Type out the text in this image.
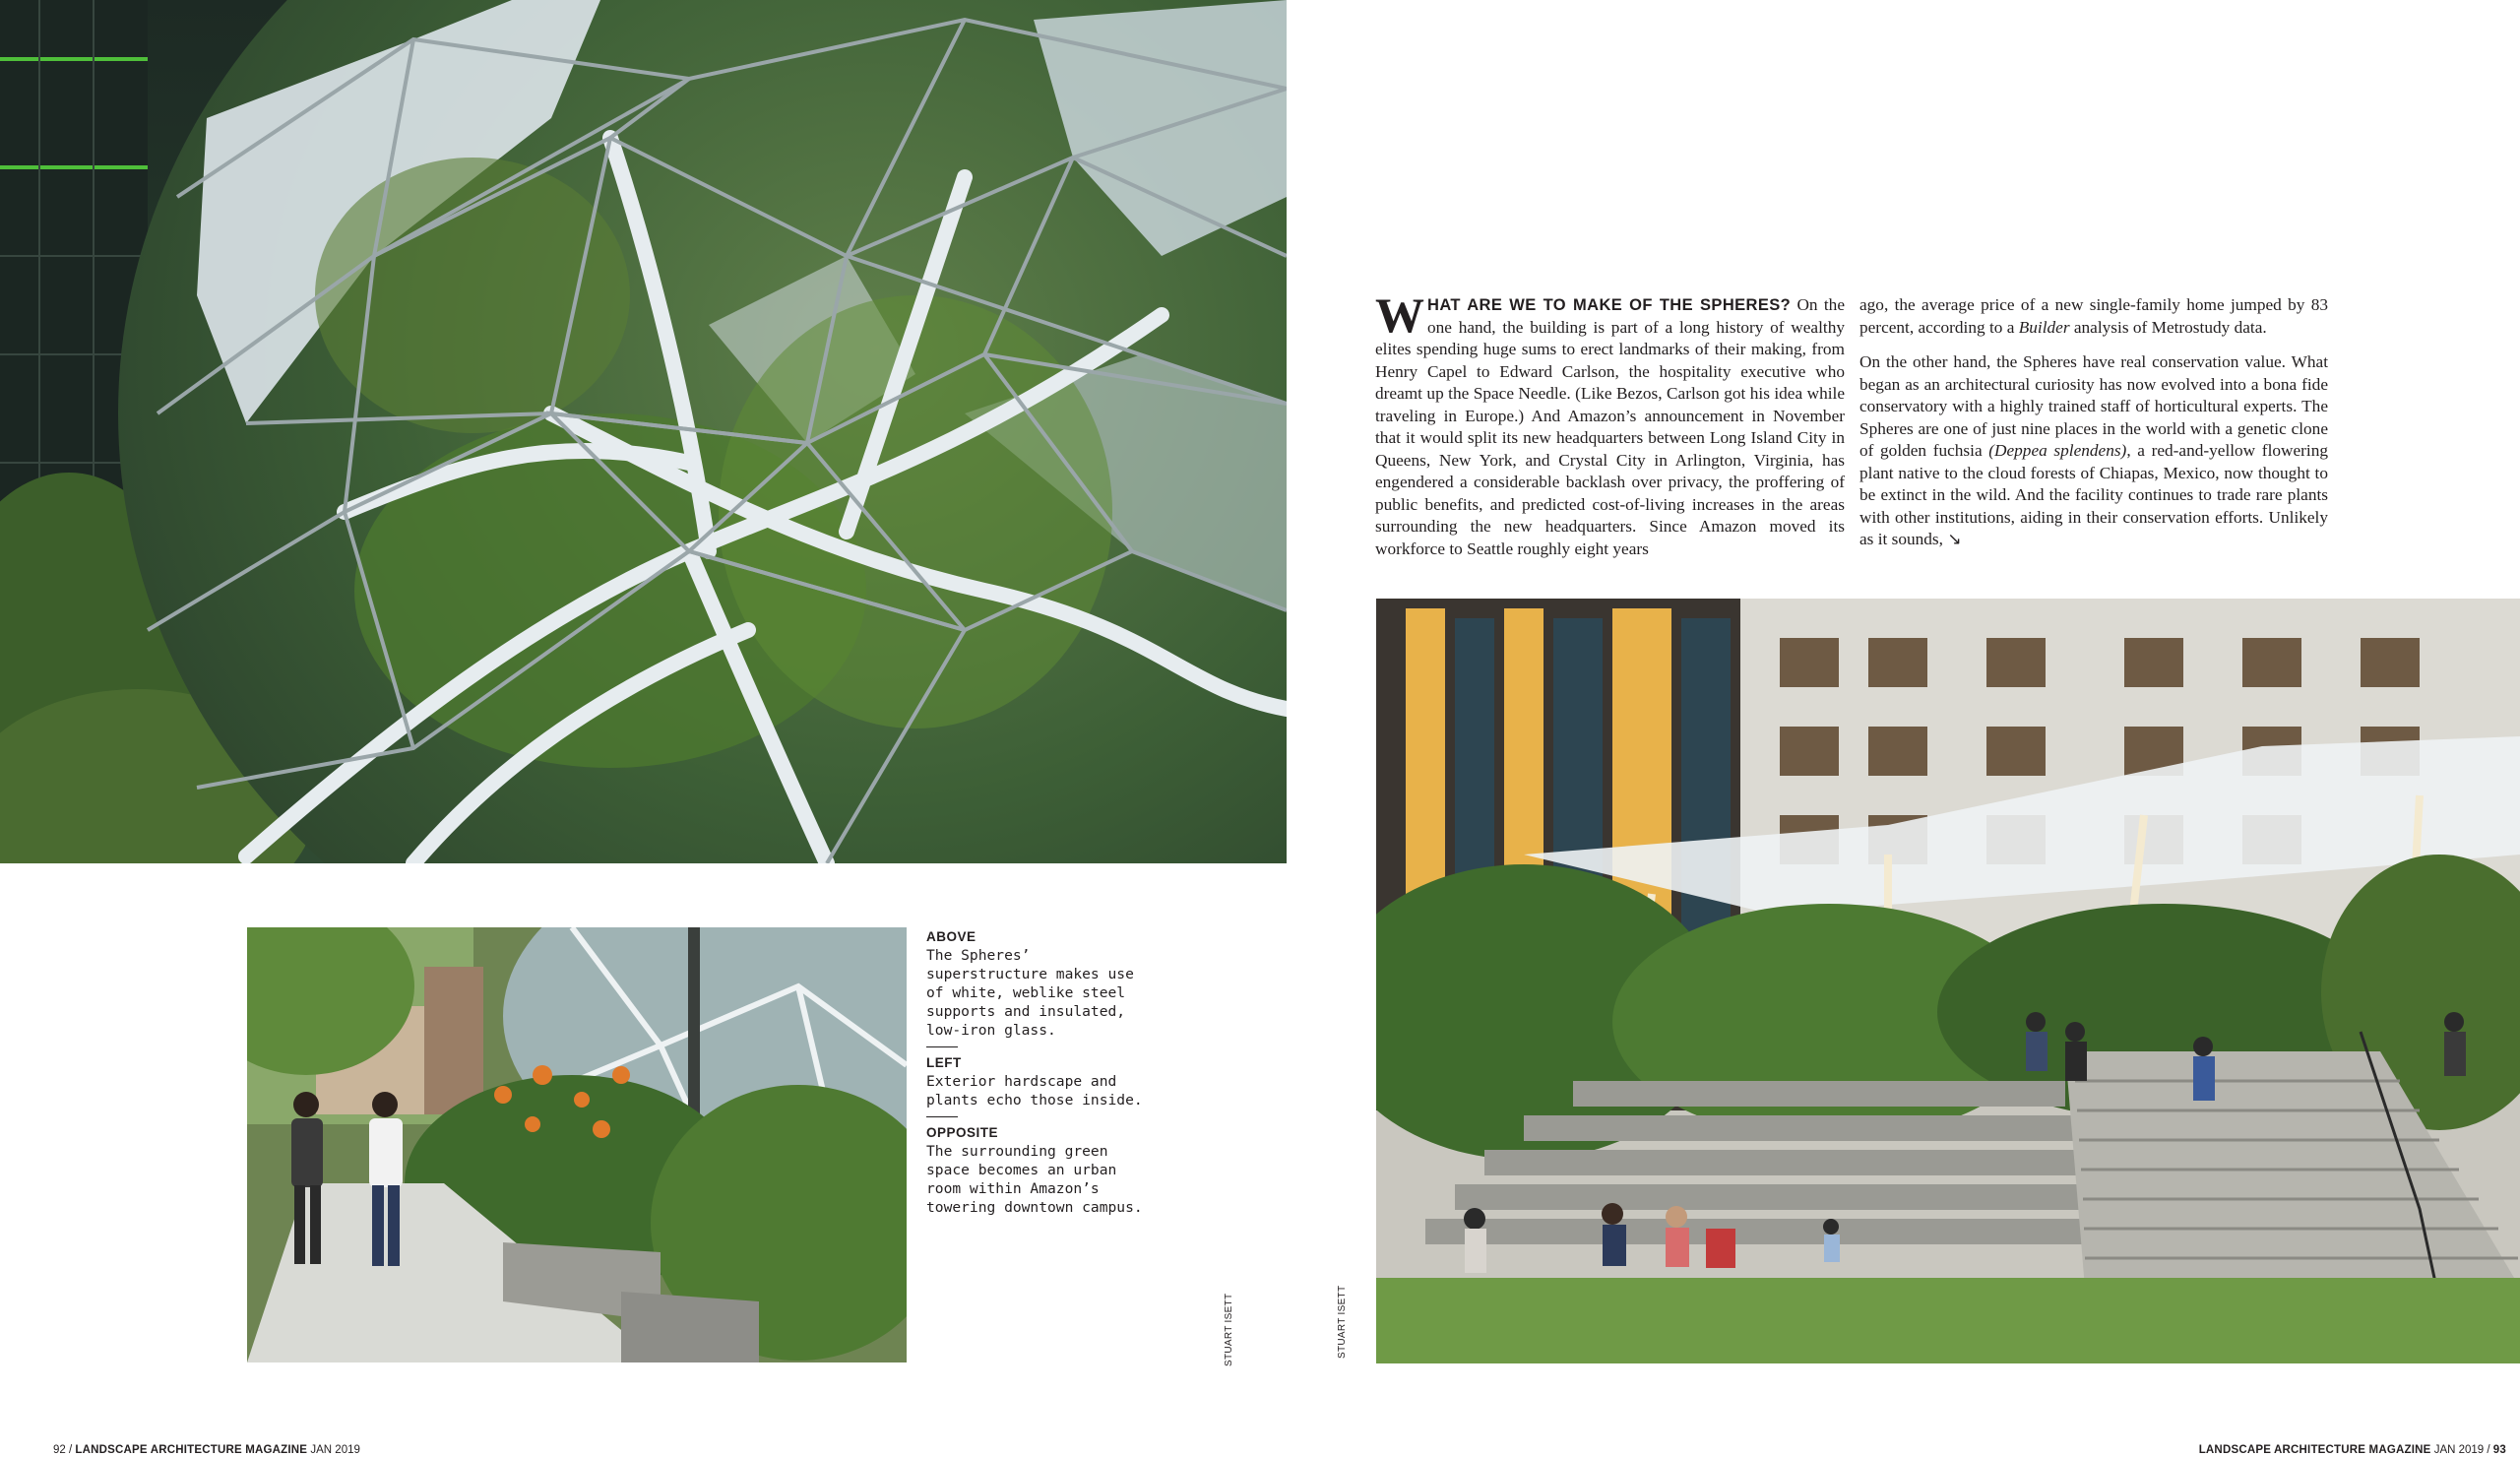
ABOVE
The Spheres’ superstructure makes use of white, weblike steel supports and insulated, low-iron glass.
LEFT
Exterior hardscape and plants echo those inside.
OPPOSITE
The surrounding green space becomes an urban room within Amazon’s towering downtown campus.
STUART ISETT	STUART ISETT

WHAT ARE WE TO MAKE OF THE SPHERES? On the one hand, the building is part of a long history of wealthy elites spending huge sums to erect landmarks of their making, from Henry Capel to Edward Carlson, the hospitality executive who dreamt up the Space Needle. (Like Bezos, Carlson got his idea while traveling in Europe.) And Amazon’s announcement in November that it would split its new headquarters between Long Island City in Queens, New York, and Crystal City in Arlington, Virginia, has engendered a considerable backlash over privacy, the proffering of public benefits, and predicted cost-of-living increases in the areas surrounding the new headquarters. Since Amazon moved its workforce to Seattle roughly eight years

ago, the average price of a new single-family home jumped by 83 percent, according to a Builder analysis of Metrostudy data.

On the other hand, the Spheres have real conservation value. What began as an architectural curiosity has now evolved into a bona fide conservatory with a highly trained staff of horticultural experts. The Spheres are one of just nine places in the world with a genetic clone of golden fuchsia (Deppea splendens), a red-and-yellow flowering plant native to the cloud forests of Chiapas, Mexico, now thought to be extinct in the wild. And the facility continues to trade rare plants with other institutions, aiding in their conservation efforts. Unlikely as it sounds, ↘

92 / LANDSCAPE ARCHITECTURE MAGAZINE JAN 2019	LANDSCAPE ARCHITECTURE MAGAZINE JAN 2019 / 93
